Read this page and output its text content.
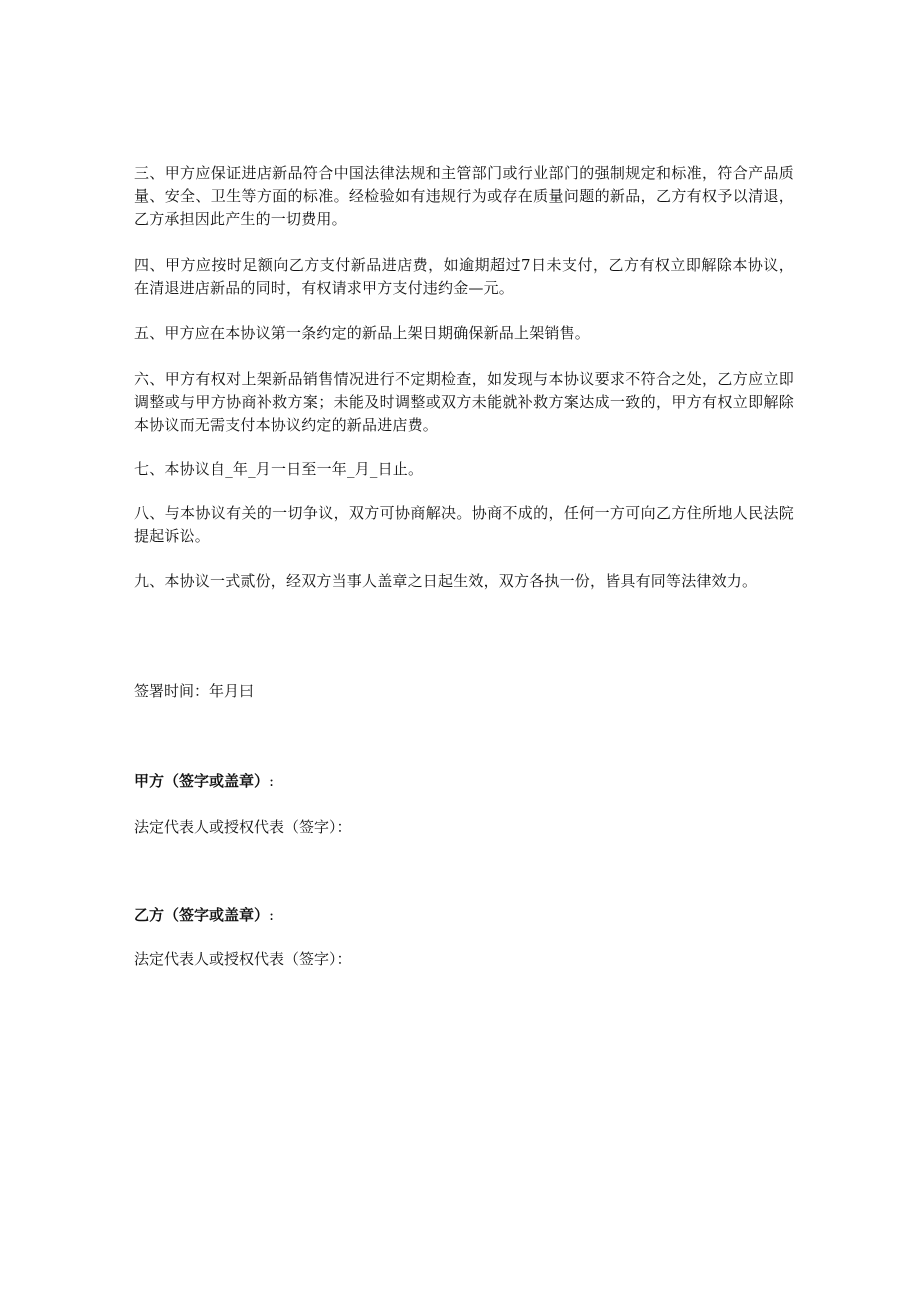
三、甲方应保证进店新品符合中国法律法规和主管部门或行业部门的强制规定和标准，符合产品质量、安全、卫生等方面的标准。经检验如有违规行为或存在质量问题的新品，乙方有权予以清退，乙方承担因此产生的一切费用。

四、甲方应按时足额向乙方支付新品进店费，如逾期超过7日未支付，乙方有权立即解除本协议，在清退进店新品的同时，有权请求甲方支付违约金—元。

五、甲方应在本协议第一条约定的新品上架日期确保新品上架销售。

六、甲方有权对上架新品销售情况进行不定期检查，如发现与本协议要求不符合之处，乙方应立即调整或与甲方协商补救方案；未能及时调整或双方未能就补救方案达成一致的，甲方有权立即解除本协议而无需支付本协议约定的新品进店费。

七、本协议自_年_月一日至一年_月_日止。

八、与本协议有关的一切争议，双方可协商解决。协商不成的，任何一方可向乙方住所地人民法院提起诉讼。

九、本协议一式贰份，经双方当事人盖章之日起生效，双方各执一份，皆具有同等法律效力。

签署时间：年月曰

甲方（签字或盖章）:

法定代表人或授权代表（签字）：

乙方（签字或盖章）:

法定代表人或授权代表（签字）：
